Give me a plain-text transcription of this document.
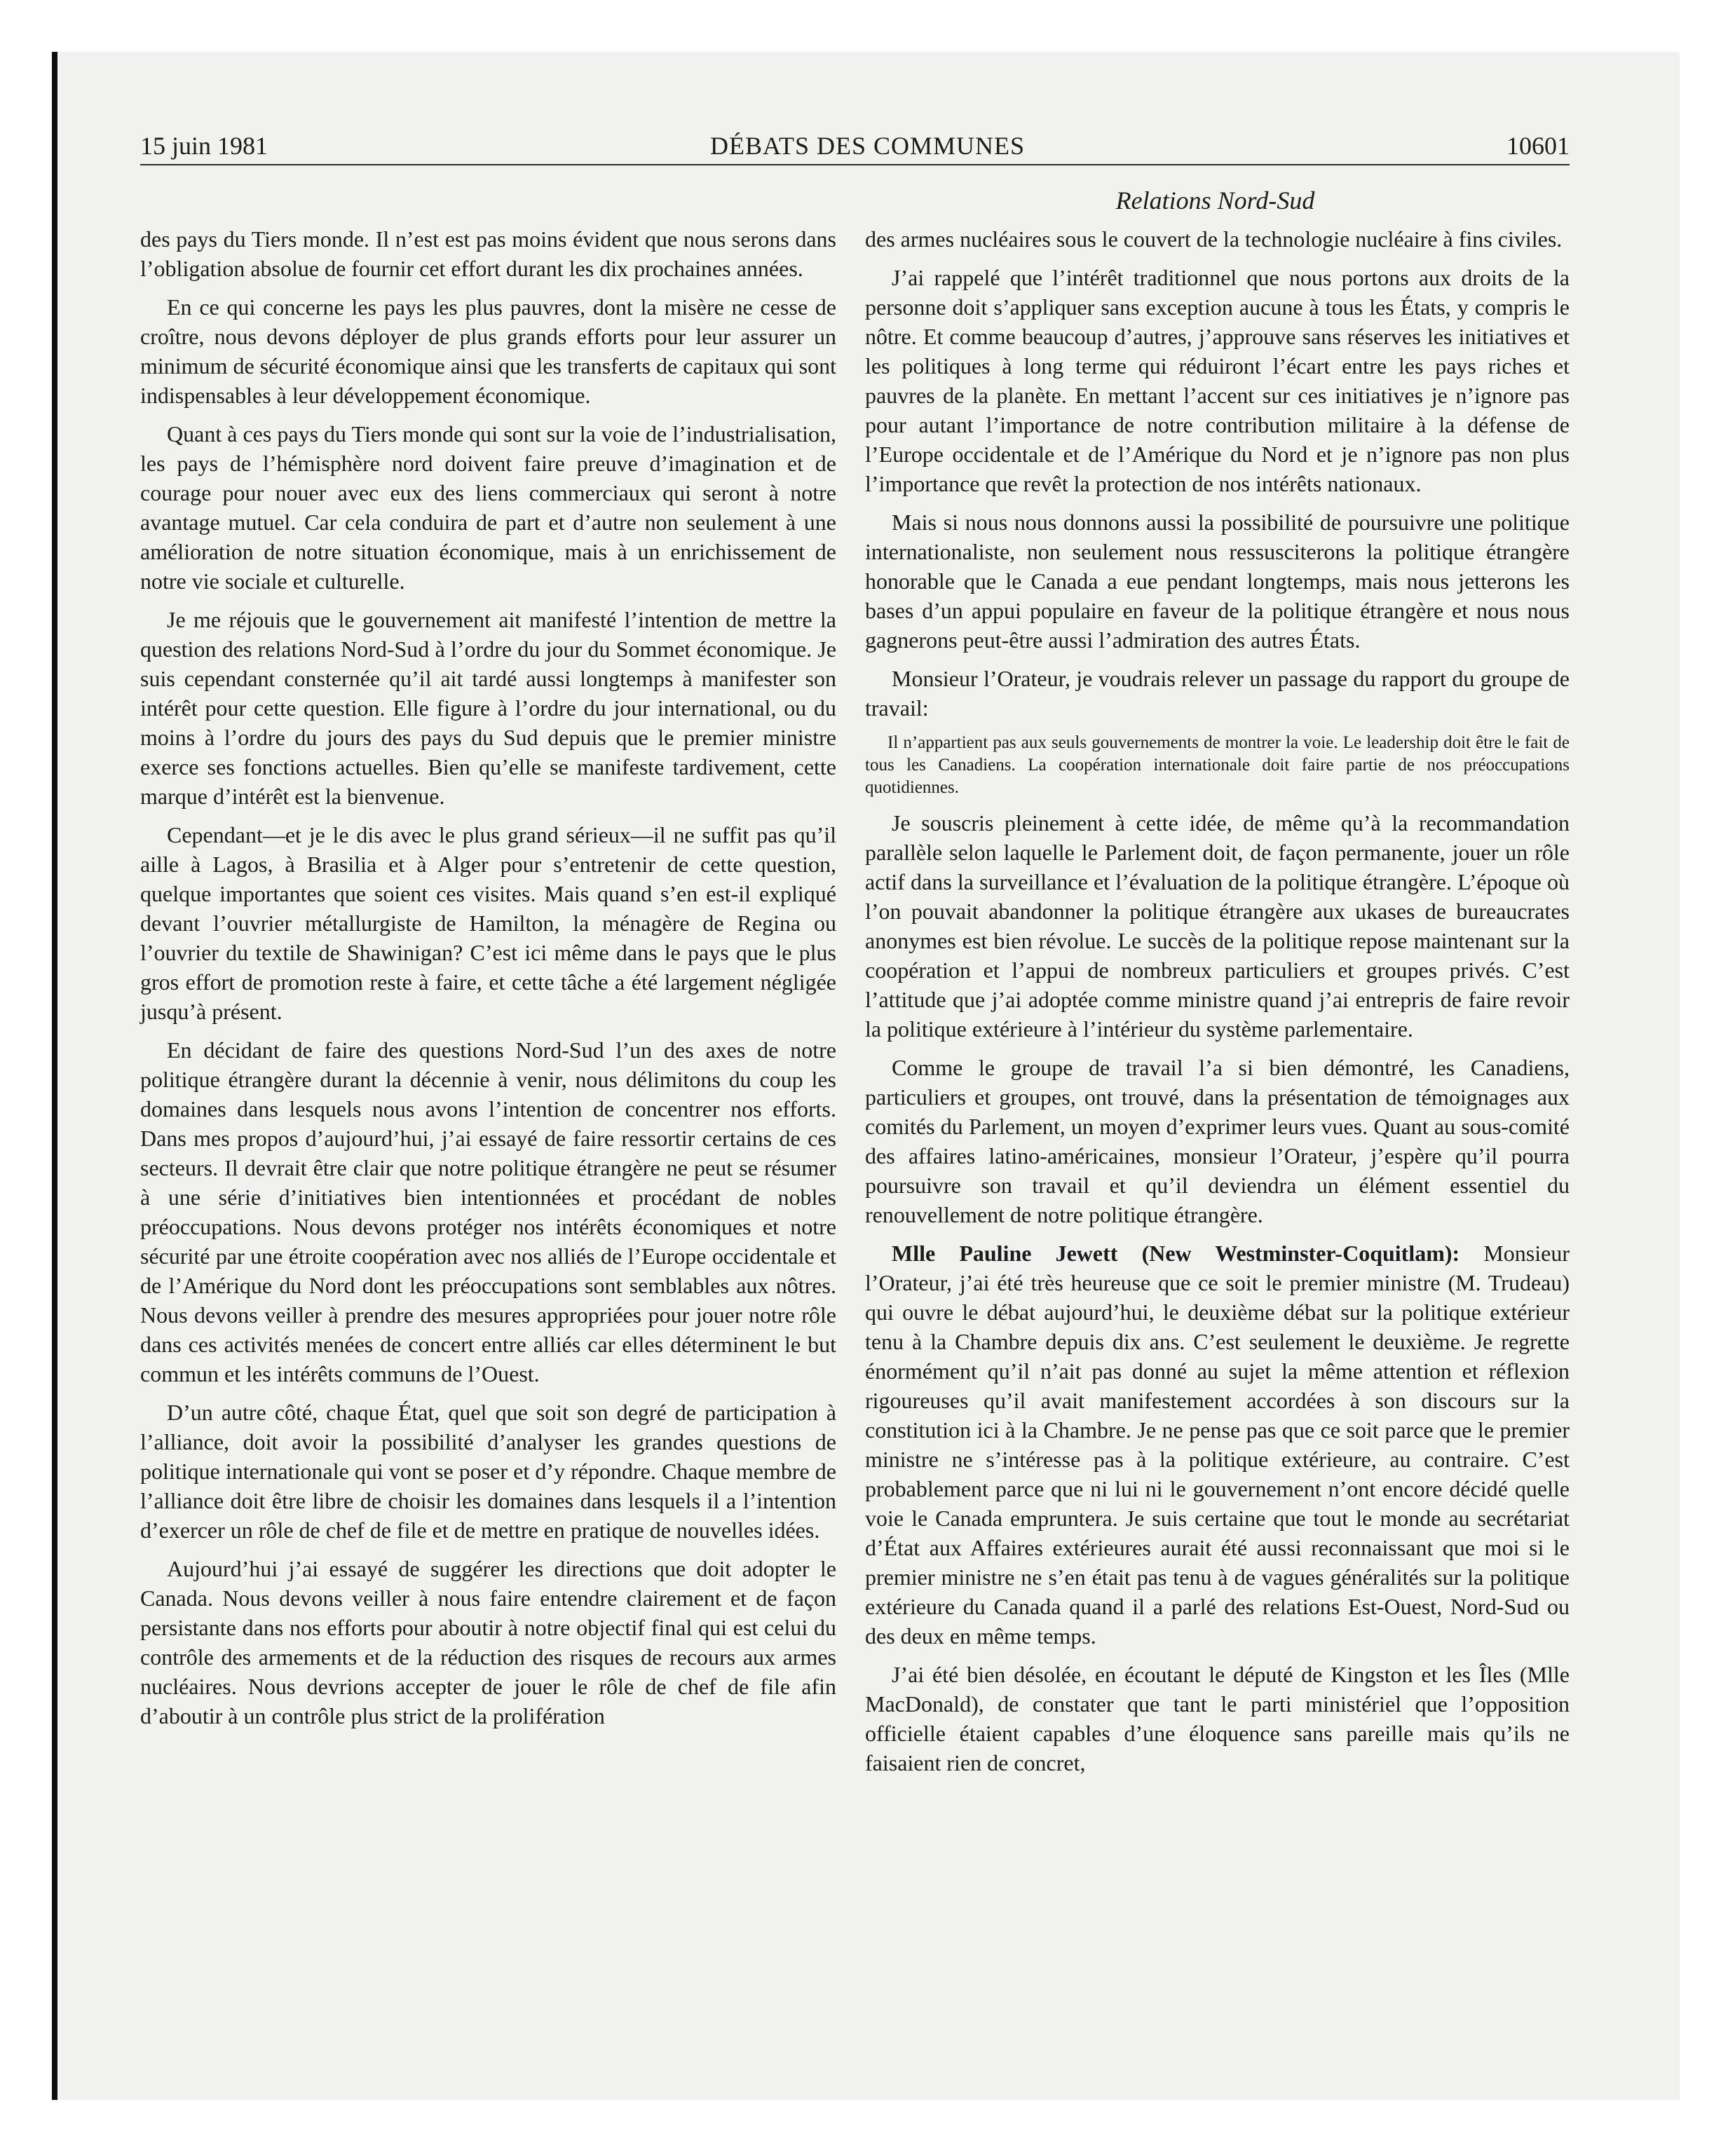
15 juin 1981	DÉBATS DES COMMUNES	10601
Relations Nord-Sud

des pays du Tiers monde. Il n’est est pas moins évident que nous serons dans l’obligation absolue de fournir cet effort durant les dix prochaines années.

En ce qui concerne les pays les plus pauvres, dont la misère ne cesse de croître, nous devons déployer de plus grands efforts pour leur assurer un minimum de sécurité économique ainsi que les transferts de capitaux qui sont indispensables à leur développement économique.

Quant à ces pays du Tiers monde qui sont sur la voie de l’industrialisation, les pays de l’hémisphère nord doivent faire preuve d’imagination et de courage pour nouer avec eux des liens commerciaux qui seront à notre avantage mutuel. Car cela conduira de part et d’autre non seulement à une amélioration de notre situation économique, mais à un enrichissement de notre vie sociale et culturelle.

Je me réjouis que le gouvernement ait manifesté l’intention de mettre la question des relations Nord-Sud à l’ordre du jour du Sommet économique. Je suis cependant consternée qu’il ait tardé aussi longtemps à manifester son intérêt pour cette question. Elle figure à l’ordre du jour international, ou du moins à l’ordre du jours des pays du Sud depuis que le premier ministre exerce ses fonctions actuelles. Bien qu’elle se manifeste tardivement, cette marque d’intérêt est la bienvenue.

Cependant—et je le dis avec le plus grand sérieux—il ne suffit pas qu’il aille à Lagos, à Brasilia et à Alger pour s’entretenir de cette question, quelque importantes que soient ces visites. Mais quand s’en est-il expliqué devant l’ouvrier métallurgiste de Hamilton, la ménagère de Regina ou l’ouvrier du textile de Shawinigan? C’est ici même dans le pays que le plus gros effort de promotion reste à faire, et cette tâche a été largement négligée jusqu’à présent.

En décidant de faire des questions Nord-Sud l’un des axes de notre politique étrangère durant la décennie à venir, nous délimitons du coup les domaines dans lesquels nous avons l’intention de concentrer nos efforts. Dans mes propos d’aujourd’hui, j’ai essayé de faire ressortir certains de ces secteurs. Il devrait être clair que notre politique étrangère ne peut se résumer à une série d’initiatives bien intentionnées et procédant de nobles préoccupations. Nous devons protéger nos intérêts économiques et notre sécurité par une étroite coopération avec nos alliés de l’Europe occidentale et de l’Amérique du Nord dont les préoccupations sont semblables aux nôtres. Nous devons veiller à prendre des mesures appropriées pour jouer notre rôle dans ces activités menées de concert entre alliés car elles déterminent le but commun et les intérêts communs de l’Ouest.

D’un autre côté, chaque État, quel que soit son degré de participation à l’alliance, doit avoir la possibilité d’analyser les grandes questions de politique internationale qui vont se poser et d’y répondre. Chaque membre de l’alliance doit être libre de choisir les domaines dans lesquels il a l’intention d’exercer un rôle de chef de file et de mettre en pratique de nouvelles idées.

Aujourd’hui j’ai essayé de suggérer les directions que doit adopter le Canada. Nous devons veiller à nous faire entendre clairement et de façon persistante dans nos efforts pour aboutir à notre objectif final qui est celui du contrôle des armements et de la réduction des risques de recours aux armes nucléaires. Nous devrions accepter de jouer le rôle de chef de file afin d’aboutir à un contrôle plus strict de la prolifération

des armes nucléaires sous le couvert de la technologie nucléaire à fins civiles.

J’ai rappelé que l’intérêt traditionnel que nous portons aux droits de la personne doit s’appliquer sans exception aucune à tous les États, y compris le nôtre. Et comme beaucoup d’autres, j’approuve sans réserves les initiatives et les politiques à long terme qui réduiront l’écart entre les pays riches et pauvres de la planète. En mettant l’accent sur ces initiatives je n’ignore pas pour autant l’importance de notre contribution militaire à la défense de l’Europe occidentale et de l’Amérique du Nord et je n’ignore pas non plus l’importance que revêt la protection de nos intérêts nationaux.

Mais si nous nous donnons aussi la possibilité de poursuivre une politique internationaliste, non seulement nous ressusciterons la politique étrangère honorable que le Canada a eue pendant longtemps, mais nous jetterons les bases d’un appui populaire en faveur de la politique étrangère et nous nous gagnerons peut-être aussi l’admiration des autres États.

Monsieur l’Orateur, je voudrais relever un passage du rapport du groupe de travail:

Il n’appartient pas aux seuls gouvernements de montrer la voie. Le leadership doit être le fait de tous les Canadiens. La coopération internationale doit faire partie de nos préoccupations quotidiennes.

Je souscris pleinement à cette idée, de même qu’à la recommandation parallèle selon laquelle le Parlement doit, de façon permanente, jouer un rôle actif dans la surveillance et l’évaluation de la politique étrangère. L’époque où l’on pouvait abandonner la politique étrangère aux ukases de bureaucrates anonymes est bien révolue. Le succès de la politique repose maintenant sur la coopération et l’appui de nombreux particuliers et groupes privés. C’est l’attitude que j’ai adoptée comme ministre quand j’ai entrepris de faire revoir la politique extérieure à l’intérieur du système parlementaire.

Comme le groupe de travail l’a si bien démontré, les Canadiens, particuliers et groupes, ont trouvé, dans la présentation de témoignages aux comités du Parlement, un moyen d’exprimer leurs vues. Quant au sous-comité des affaires latino-américaines, monsieur l’Orateur, j’espère qu’il pourra poursuivre son travail et qu’il deviendra un élément essentiel du renouvellement de notre politique étrangère.

Mlle Pauline Jewett (New Westminster-Coquitlam): Monsieur l’Orateur, j’ai été très heureuse que ce soit le premier ministre (M. Trudeau) qui ouvre le débat aujourd’hui, le deuxième débat sur la politique extérieur tenu à la Chambre depuis dix ans. C’est seulement le deuxième. Je regrette énormément qu’il n’ait pas donné au sujet la même attention et réflexion rigoureuses qu’il avait manifestement accordées à son discours sur la constitution ici à la Chambre. Je ne pense pas que ce soit parce que le premier ministre ne s’intéresse pas à la politique extérieure, au contraire. C’est probablement parce que ni lui ni le gouvernement n’ont encore décidé quelle voie le Canada empruntera. Je suis certaine que tout le monde au secrétariat d’État aux Affaires extérieures aurait été aussi reconnaissant que moi si le premier ministre ne s’en était pas tenu à de vagues généralités sur la politique extérieure du Canada quand il a parlé des relations Est-Ouest, Nord-Sud ou des deux en même temps.

J’ai été bien désolée, en écoutant le député de Kingston et les Îles (Mlle MacDonald), de constater que tant le parti ministériel que l’opposition officielle étaient capables d’une éloquence sans pareille mais qu’ils ne faisaient rien de concret,
